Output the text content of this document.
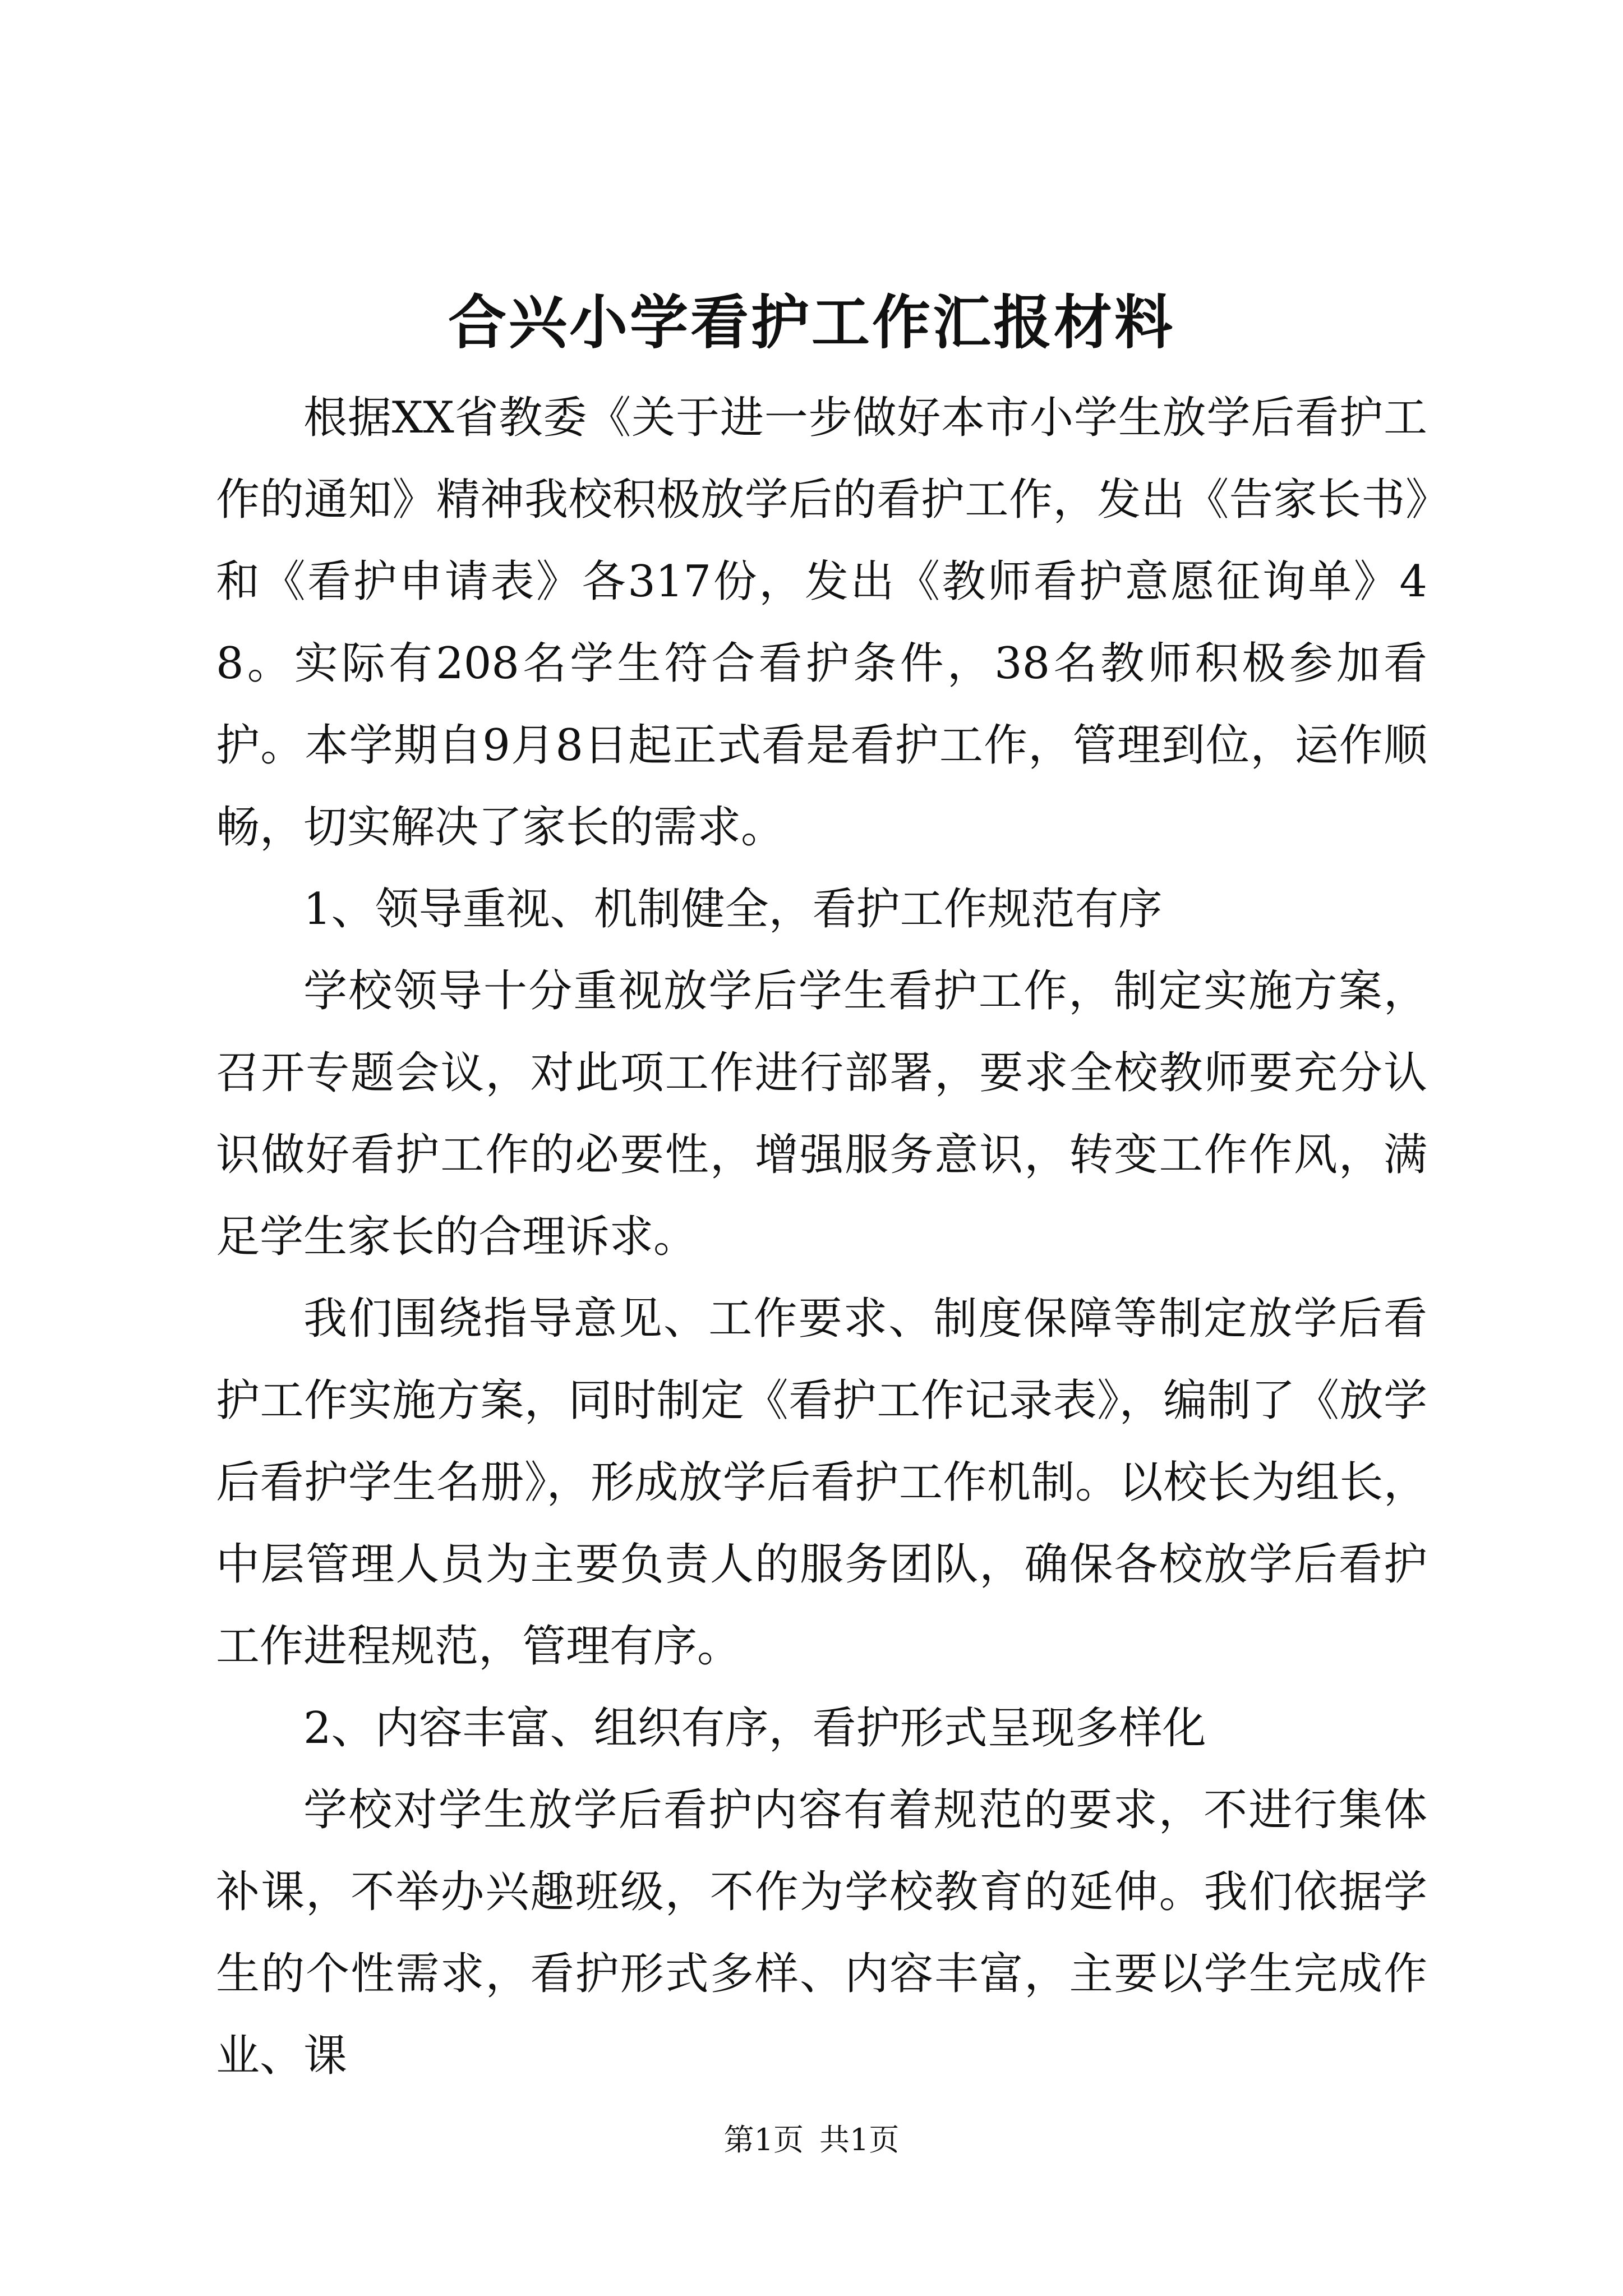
合兴小学看护工作汇报材料

根据XX省教委《关于进一步做好本市小学生放学后看护工作的通知》精神我校积极放学后的看护工作，发出《告家长书》和《看护申请表》各317份，发出《教师看护意愿征询单》48。实际有208名学生符合看护条件，38名教师积极参加看护。本学期自9月8日起正式看是看护工作，管理到位，运作顺畅，切实解决了家长的需求。

1、领导重视、机制健全，看护工作规范有序

学校领导十分重视放学后学生看护工作，制定实施方案，召开专题会议，对此项工作进行部署，要求全校教师要充分认识做好看护工作的必要性，增强服务意识，转变工作作风，满足学生家长的合理诉求。

我们围绕指导意见、工作要求、制度保障等制定放学后看护工作实施方案，同时制定《看护工作记录表》，编制了《放学后看护学生名册》，形成放学后看护工作机制。以校长为组长，中层管理人员为主要负责人的服务团队，确保各校放学后看护工作进程规范，管理有序。

2、内容丰富、组织有序，看护形式呈现多样化

学校对学生放学后看护内容有着规范的要求，不进行集体补课，不举办兴趣班级，不作为学校教育的延伸。我们依据学生的个性需求，看护形式多样、内容丰富，主要以学生完成作业、课

第1页 共1页
